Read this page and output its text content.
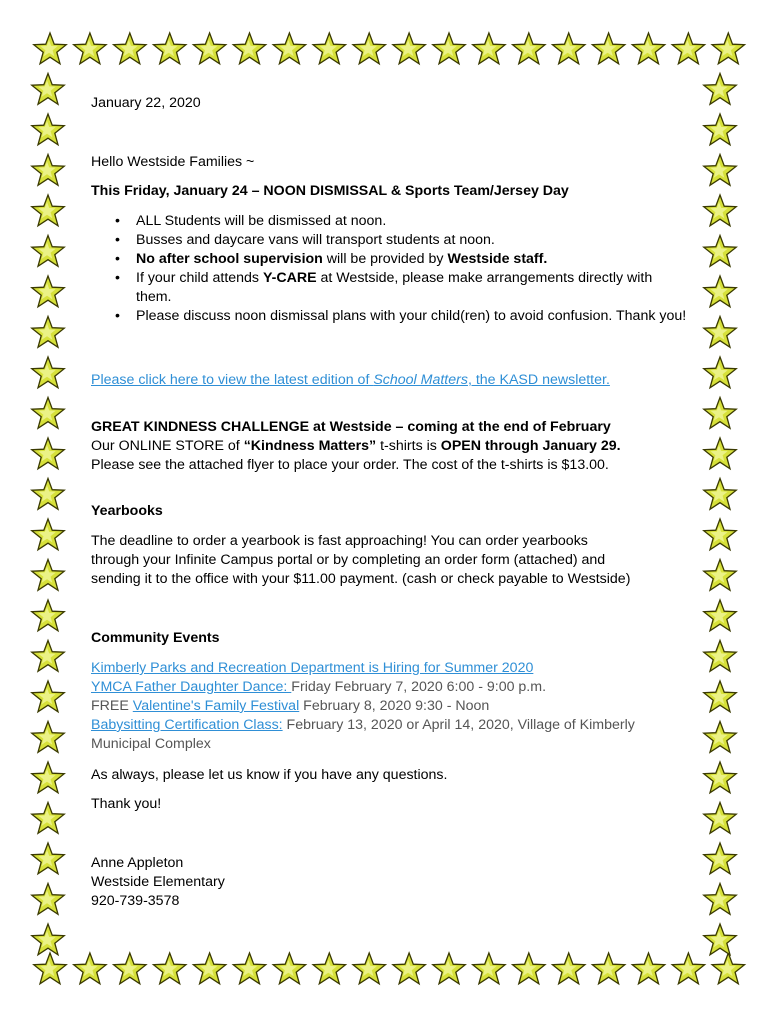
January 22, 2020
Hello Westside Families ~
This Friday, January 24 – NOON DISMISSAL & Sports Team/Jersey Day
• ALL Students will be dismissed at noon.
• Busses and daycare vans will transport students at noon.
• No after school supervision will be provided by Westside staff.
• If your child attends Y-CARE at Westside, please make arrangements directly with them.
• Please discuss noon dismissal plans with your child(ren) to avoid confusion. Thank you!
Please click here to view the latest edition of School Matters, the KASD newsletter.
GREAT KINDNESS CHALLENGE at Westside – coming at the end of February
Our ONLINE STORE of “Kindness Matters” t-shirts is OPEN through January 29.
Please see the attached flyer to place your order. The cost of the t-shirts is $13.00.
Yearbooks
The deadline to order a yearbook is fast approaching! You can order yearbooks
through your Infinite Campus portal or by completing an order form (attached) and
sending it to the office with your $11.00 payment. (cash or check payable to Westside)
Community Events
Kimberly Parks and Recreation Department is Hiring for Summer 2020
YMCA Father Daughter Dance: Friday February 7, 2020 6:00 - 9:00 p.m.
FREE Valentine's Family Festival February 8, 2020 9:30 - Noon
Babysitting Certification Class: February 13, 2020 or April 14, 2020, Village of Kimberly
Municipal Complex
As always, please let us know if you have any questions.
Thank you!
Anne Appleton
Westside Elementary
920-739-3578
